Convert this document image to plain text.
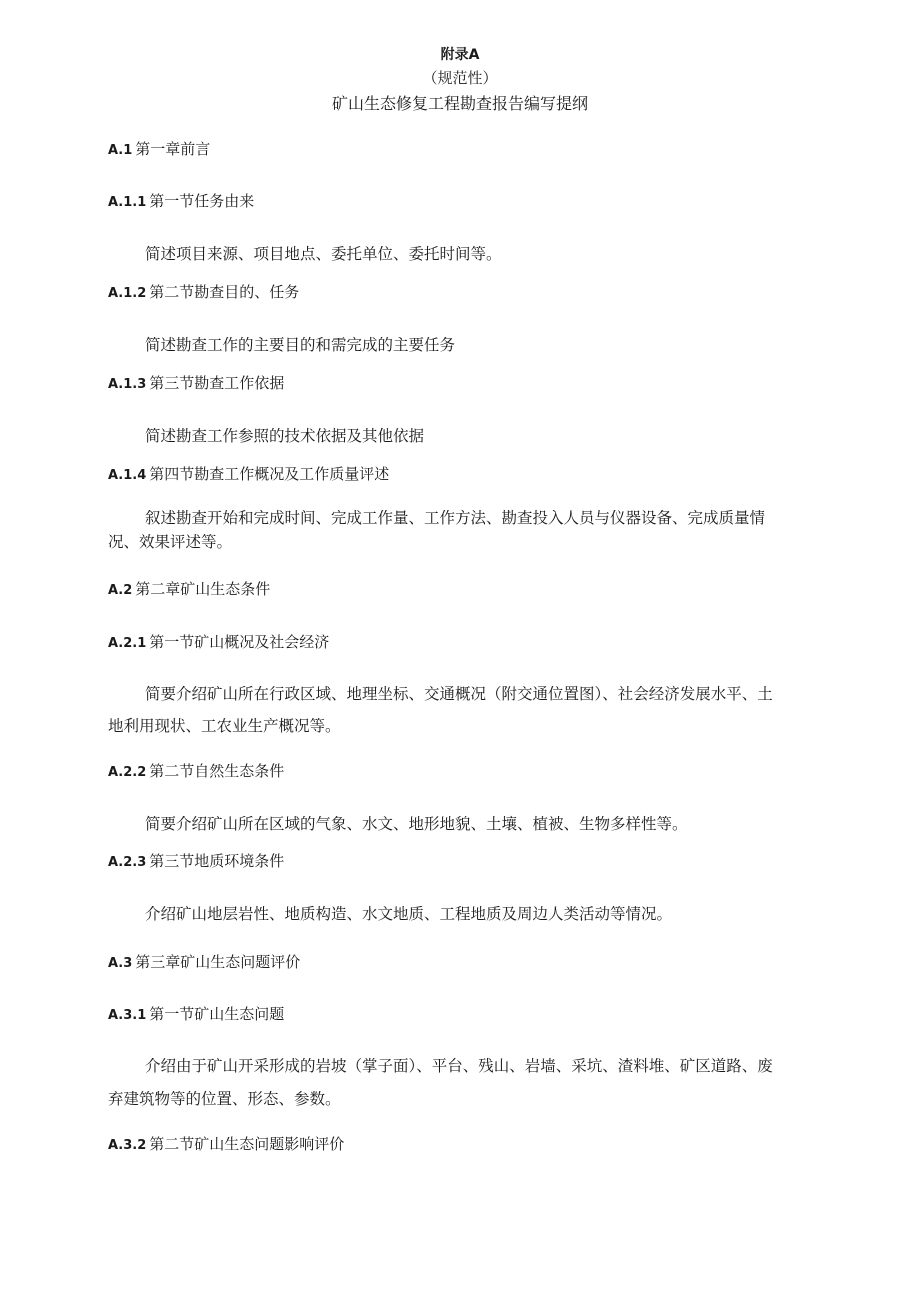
附录A
（规范性）
矿山生态修复工程勘查报告编写提纲
A.1 第一章前言
A.1.1 第一节任务由来
简述项目来源、项目地点、委托单位、委托时间等。
A.1.2 第二节勘查目的、任务
简述勘查工作的主要目的和需完成的主要任务
A.1.3 第三节勘查工作依据
简述勘查工作参照的技术依据及其他依据
A.1.4 第四节勘查工作概况及工作质量评述
叙述勘查开始和完成时间、完成工作量、工作方法、勘查投入人员与仪器设备、完成质量情
况、效果评述等。
A.2 第二章矿山生态条件
A.2.1 第一节矿山概况及社会经济
简要介绍矿山所在行政区域、地理坐标、交通概况（附交通位置图）、社会经济发展水平、土
地利用现状、工农业生产概况等。
A.2.2 第二节自然生态条件
简要介绍矿山所在区域的气象、水文、地形地貌、土壤、植被、生物多样性等。
A.2.3 第三节地质环境条件
介绍矿山地层岩性、地质构造、水文地质、工程地质及周边人类活动等情况。
A.3 第三章矿山生态问题评价
A.3.1 第一节矿山生态问题
介绍由于矿山开采形成的岩坡（掌子面）、平台、残山、岩墙、采坑、渣料堆、矿区道路、废
弃建筑物等的位置、形态、参数。
A.3.2 第二节矿山生态问题影响评价
